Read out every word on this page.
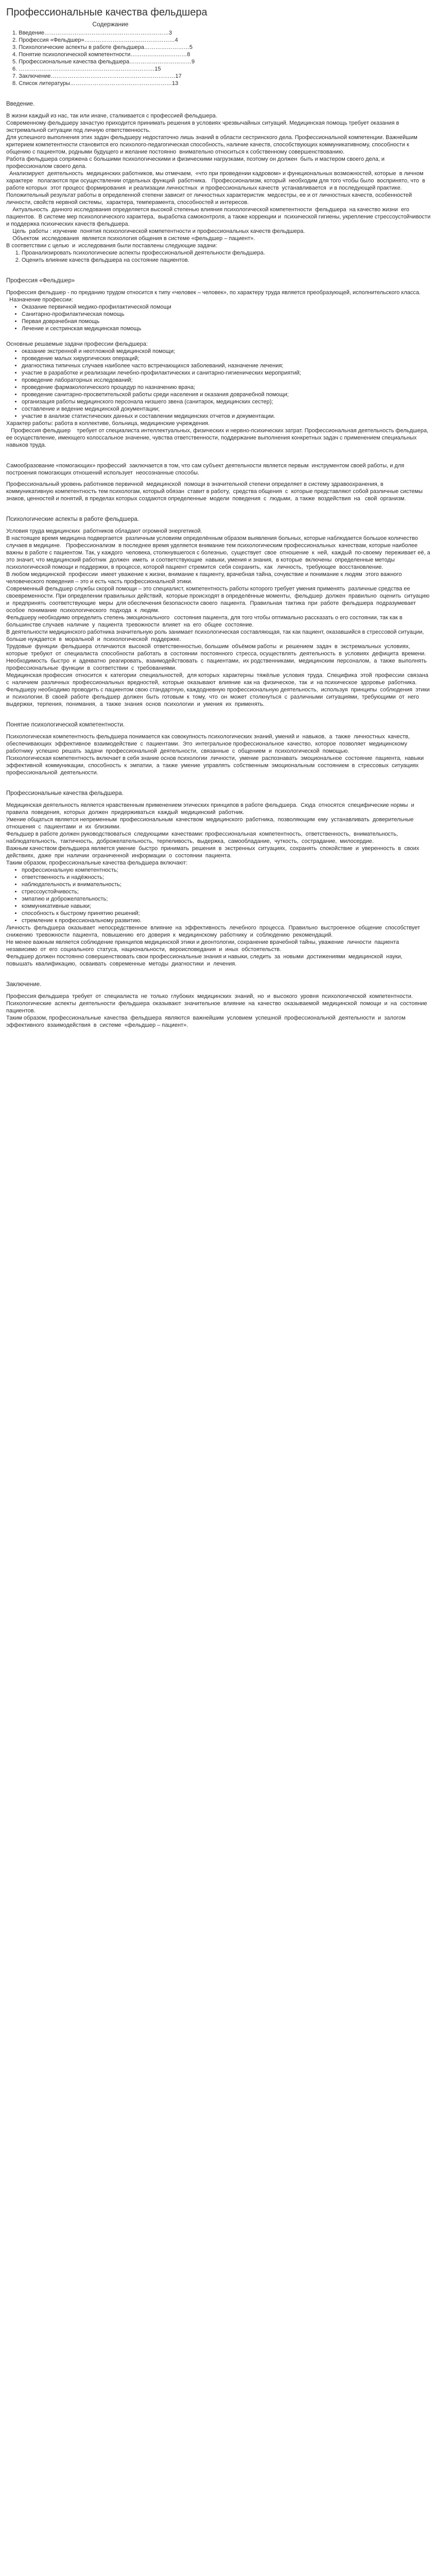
Профессиональные качества фельдшера
Содержание
1. Введение…………………………………………………………3
2. Профессия «Фельдшер»…………………………………………4
3. Психологические аспекты в работе фельдшера……………………5
4. Понятие психологической компетентности…………………………8
5. Профессиональные качества фельдшера……………………………9
6. ………………………………………………………………15
7. Заключение…………………………………………………………17
8. Список литературы………………………………………………13
Введение.

В жизни каждый из нас, так или иначе, сталкивается с профессией фельдшера.

Современному фельдшеру зачастую приходится принимать решения в условиях чрезвычайных ситуаций. Медицинская помощь требует оказания в экстремальной ситуации под личную ответственность.

Для успешного выполнения этих задач фельдшеру недостаточно лишь знаний в области сестринского дела. Профессиональной компетенции. Важнейшим критерием компетентности становится его психолого-педагогическая способность, наличие качеств, способствующих коммуникативному, способности к общению с пациентом, родными будущего и желание постоянно  внимательно относиться к собственному совершенствованию.

Работа фельдшера сопряжена с большими психологическими и физическими нагрузками, поэтому он должен  быть и мастером своего дела, и профессионалом своего дела.

Анализируют  деятельность  медицинских работников, мы отмечаем,  «что при проведении кадровом» и функциональных возможностей, которые  в личном характере   полагаются при осуществлении отдельных функций  работника.   Профессионализм, который  необходим для того чтобы было  воспринято, что  в работе которых  этот процесс формирования  и реализации личностных  и профессиональных качеств  устанавливается  и в последующей практике.

Положительный результат работы в определенной степени зависит от личностных характеристик  медсестры, ее и от личностных качеств, особенностей личности, свойств нервной системы,  характера, темперамента, способностей и интересов.

Актуальность  данного исследования определяется высокой степенью влияния психологической компетентности  фельдшера  на качество жизни  его  пациентов.  В системе мер психологического характера,  выработка самоконтроля, а также коррекции и  психической гигиены, укрепление стрессоустойчивости  и поддержка психических качеств фельдшера.

Цель  работы : изучение  понятия психологической компетентности и профессиональных качеств фельдшера.

Объектом  исследования  является психология общения в системе «фельдшер – пациент».

В соответствии с целью  и  исследования были поставлены следующие задачи:

1. Проанализировать психологические аспекты профессиональной деятельности фельдшера.
2. Оценить влияние качеств фельдшера на состояние пациентов.
Профессия «Фельдшер»

Профессия фельдшер - по преданию трудом относится к типу «человек – человек», по характеру труда является преобразующей, исполнительского класса.

Назначение профессии:

• Оказание первичной медико-профилактической помощи
• Санитарно-профилактическая помощь
• Первая доврачебная помощь
• Лечение и сестринская медицинская помощь

Основные решаемые задачи профессии фельдшера:

• оказание экстренной и неотложной медицинской помощи;
• проведение малых хирургических операций;
• диагностика типичных случаев наиболее часто встречающихся заболеваний, назначение лечения;
• участие в разработке и реализации лечебно-профилактических и санитарно-гигиенических мероприятий;
• проведение лабораторных исследований;
• проведение фармакологического процедур по назначению врача;
• проведение санитарно-просветительской работы среди населения и оказания доврачебной помощи;
• организация работы медицинского персонала низшего звена (санитарок, медицинских сестер);
• составление и ведение медицинской документации;
• участие в анализе статистических данных и составлении медицинских отчетов и документации.

Характер работы: работа в коллективе, больница, медицинские учреждения.

Профессия фельдшер    требует от специалиста интеллектуальных, физических и нервно-психических затрат. Профессиональная деятельность фельдшера, ее осуществление, имеющего колоссальное значение, чувства ответственности, поддержание выполнения конкретных задач с применением специальных навыков труда.

Самообразование «помогающих» профессий  заключается в том, что сам субъект деятельности является первым  инструментом своей работы, и для построения помогающих отношений использует  неосознанные способы.

Профессиональный уровень работников первичной  медицинской  помощи в значительной степени определяет в систему здравоохранения, в  коммуникативную компетентность тем психологам, который обязан  ставит в работу,  средства общения  с  которые представляют собой различные системы знаков, ценностей и понятий, в пределах которых создаются определенные  модели  поведения  с  людьми,  а также  воздействия  на   свой  организм.

Психологические аспекты в работе фельдшера.

Условия труда медицинских  работников обладают огромной энергетикой.

В настоящее время медицина подвергается  различным условиям определённым образом выявления больных, которые наблюдается большое количество  случаев в медицине.   Профессионализм  в последнее время уделяется внимание тем психологическим профессиональных  качествам, которые наиболее важны в работе с пациентом. Так, у каждого  человека, столкнувшегося с болезнью,  существует  свое  отношение  к  ней,  каждый  по-своему  переживает её, а это значит, что медицинский работник  должен  иметь  и соответствующие  навыки, умения и знания,  в которые  включены  определенные методы  психологической помощи и поддержки, в процессе, которой пациент стремится  себя сохранить,  как   личность,  требующее  восстановление.

В любом медицинской  профессии  имеет уважение к жизни, внимание к пациенту, врачебная тайна, сочувствие и понимание к людям  этого важного  человеческого поведения – это и есть часть профессиональной этики.

Современный фельдшер службы скорой помощи – это специалист, компетентность работы которого требует умения применять  различные средства ее своевременности. При определении правильных действий,  которые происходят в определённые моменты,  фельдшер  должен  правильно  оценить  ситуацию  и  предпринять  соответствующие  меры  для обеспечения безопасности своего  пациента.  Правильная  тактика  при  работе  фельдшера  подразумевает  особое  понимание  психологического  подхода  к  людям.

Фельдшеру необходимо определить степень эмоционального   состояния пациента, для того чтобы оптимально рассказать о его состоянии, так как в большинстве случаев  наличие  у  пациента  тревожности  влияет  на  его  общее  состояние.

В деятельности медицинского работника значительную роль занимает психологическая составляющая, так как пациент, оказавшийся в стрессовой ситуации,  больше нуждается  в  моральной  и  психологической  поддержке.

Трудовые  функции  фельдшера  отличаются  высокой  ответственностью, большим  объёмом работы  и  решением  задач  в  экстремальных  условиях, которые  требуют  от  специалиста  способности  работать  в  состоянии  постоянного  стресса, осуществлять  деятельность  в  условиях  дефицита  времени. Необходимость  быстро  и  адекватно  реагировать,  взаимодействовать  с  пациентами,  их родственниками,  медицинским  персоналом,  а  также  выполнять  профессиональные  функции  в  соответствии  с  требованиями.

Медицинская профессия  относится  к  категории  специальностей,  для которых  характерны  тяжёлые  условия  труда.  Специфика  этой  профессии  связана  с  наличием  различных  профессиональных  вредностей,  которые  оказывают  влияние  как на  физическое,  так  и  на психическое  здоровье  работника.

Фельдшеру необходимо проводить с пациентом свою стандартную, каждодневную профессиональную деятельность,  используя  принципы  соблюдения  этики  и  психологии. В  своей  работе  фельдшер  должен  быть  готовым  к  тому,  что  он  может  столкнуться  с  различными  ситуациями,  требующими  от  него  выдержки,  терпения,  понимания,  а  также  знания  основ  психологии  и  умения  их  применять.

Понятие психологической компетентности.

Психологическая компетентность фельдшера понимается как совокупность психологических знаний, умений и  навыков,  а  также  личностных  качеств,  обеспечивающих  эффективное  взаимодействие  с  пациентами.  Это  интегральное профессиональное  качество,  которое  позволяет  медицинскому  работнику  успешно  решать  задачи  профессиональной  деятельности,  связанные  с  общением  и  психологической  помощью.

Психологическая компетентность включает в себя знание основ психологии  личности,  умение  распознавать  эмоциональное  состояние  пациента,  навыки  эффективной  коммуникации,  способность  к  эмпатии,  а  также  умение  управлять  собственным  эмоциональным  состоянием  в  стрессовых  ситуациях  профессиональной  деятельности.

Профессиональные качества фельдшера.

Медицинская деятельность является нравственным применением этических принципов в работе фельдшера.  Сюда  относятся  специфические нормы  и  правила  поведения,  которых  должен  придерживаться  каждый  медицинский  работник.

Умение общаться является непременным  профессиональным  качеством  медицинского  работника,  позволяющим  ему  устанавливать  доверительные  отношения  с  пациентами  и  их  близкими.

Фельдшер в работе должен руководствоваться  следующими  качествами: профессиональная  компетентность,  ответственность,  внимательность,  наблюдательность,  тактичность,  доброжелательность,  терпеливость,  выдержка,  самообладание,  чуткость,  сострадание,  милосердие.

Важным качеством фельдшера является умение  быстро  принимать  решения  в  экстренных  ситуациях,  сохранять  спокойствие  и  уверенность  в  своих  действиях,  даже  при  наличии  ограниченной  информации  о  состоянии  пациента.

Таким образом, профессиональные качества фельдшера включают:

• профессиональную компетентность;
• ответственность и надёжность;
• наблюдательность и внимательность;
• стрессоустойчивость;
• эмпатию и доброжелательность;
• коммуникативные навыки;
• способность к быстрому принятию решений;
• стремление к профессиональному развитию.

Личность  фельдшера  оказывает  непосредственное  влияние  на  эффективность  лечебного  процесса.  Правильно  выстроенное  общение  способствует  снижению  тревожности  пациента,  повышению  его  доверия  к  медицинскому  работнику  и  соблюдению  рекомендаций.

Не менее важным является соблюдение принципов медицинской этики и деонтологии, сохранение врачебной тайны, уважение  личности  пациента  независимо  от  его  социального  статуса,  национальности,  вероисповедания  и  иных  обстоятельств.

Фельдшер должен постоянно совершенствовать свои профессиональные знания и навыки, следить  за  новыми  достижениями  медицинской  науки,  повышать  квалификацию,  осваивать  современные  методы  диагностики  и  лечения.

Заключение.

Профессия фельдшера  требует  от  специалиста  не  только  глубоких  медицинских  знаний,  но  и  высокого  уровня  психологической  компетентности.  Психологические  аспекты  деятельности  фельдшера  оказывают  значительное  влияние  на  качество  оказываемой  медицинской  помощи  и  на  состояние  пациентов.

Таким образом, профессиональные  качества  фельдшера  являются  важнейшим  условием  успешной  профессиональной  деятельности  и  залогом  эффективного  взаимодействия  в  системе  «фельдшер – пациент».
